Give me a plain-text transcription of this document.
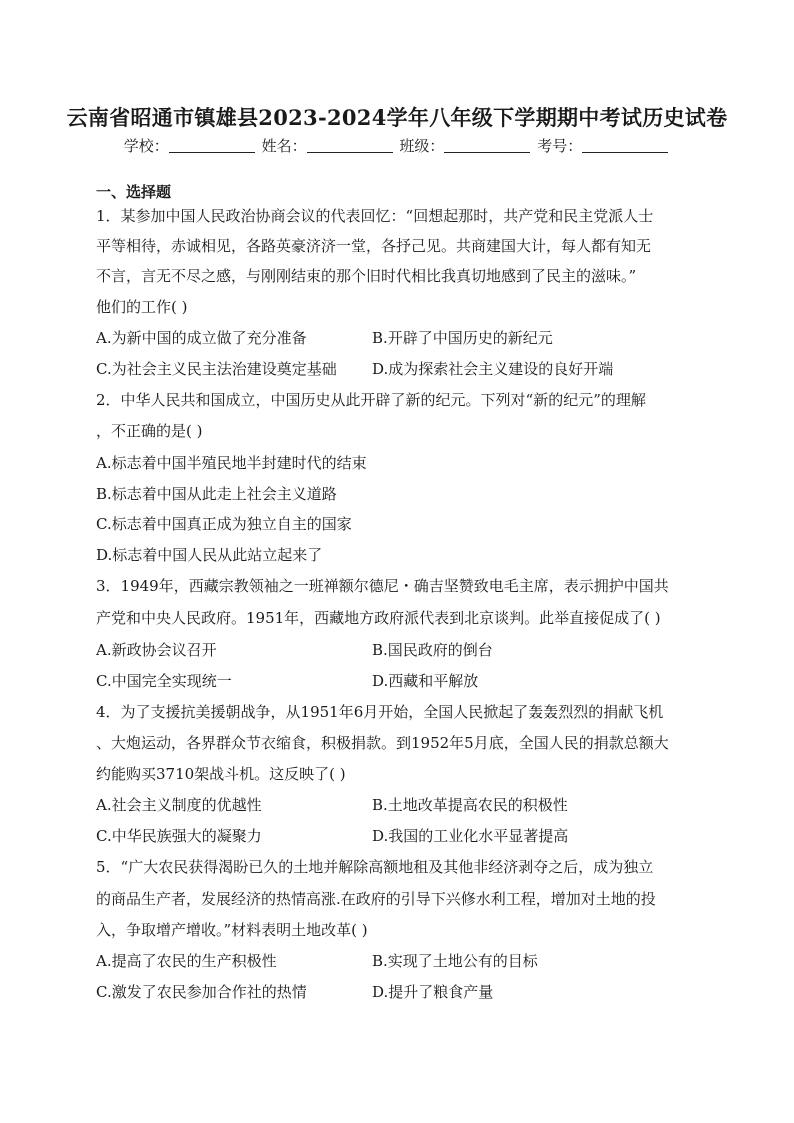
云南省昭通市镇雄县2023-2024学年八年级下学期期中考试历史试卷
学校：	姓名：	班级：	考号：
一、选择题
1．某参加中国人民政治协商会议的代表回忆：“回想起那时，共产党和民主党派人士
平等相待，赤诚相见，各路英豪济济一堂，各抒己见。共商建国大计，每人都有知无
不言，言无不尽之感，与刚刚结束的那个旧时代相比我真切地感到了民主的滋味。”
他们的工作( )
A.为新中国的成立做了充分准备	B.开辟了中国历史的新纪元
C.为社会主义民主法治建设奠定基础 D.成为探索社会主义建设的良好开端
2．中华人民共和国成立，中国历史从此开辟了新的纪元。下列对“新的纪元”的理解
，不正确的是( )
A.标志着中国半殖民地半封建时代的结束
B.标志着中国从此走上社会主义道路
C.标志着中国真正成为独立自主的国家
D.标志着中国人民从此站立起来了
3．1949年，西藏宗教领袖之一班禅额尔德尼・确吉坚赞致电毛主席，表示拥护中国共
产党和中央人民政府。1951年，西藏地方政府派代表到北京谈判。此举直接促成了( )
A.新政协会议召开	B.国民政府的倒台
C.中国完全实现统一	D.西藏和平解放
4．为了支援抗美援朝战争，从1951年6月开始，全国人民掀起了轰轰烈烈的捐献飞机
、大炮运动，各界群众节衣缩食，积极捐款。到1952年5月底，全国人民的捐款总额大
约能购买3710架战斗机。这反映了( )
A.社会主义制度的优越性	B.土地改革提高农民的积极性
C.中华民族强大的凝聚力	D.我国的工业化水平显著提高
5．“广大农民获得渴盼已久的土地并解除高额地租及其他非经济剥夺之后，成为独立
的商品生产者，发展经济的热情高涨.在政府的引导下兴修水利工程，增加对土地的投
入，争取增产增收。”材料表明土地改革( )
A.提高了农民的生产积极性	B.实现了土地公有的目标
C.激发了农民参加合作社的热情	D.提升了粮食产量
